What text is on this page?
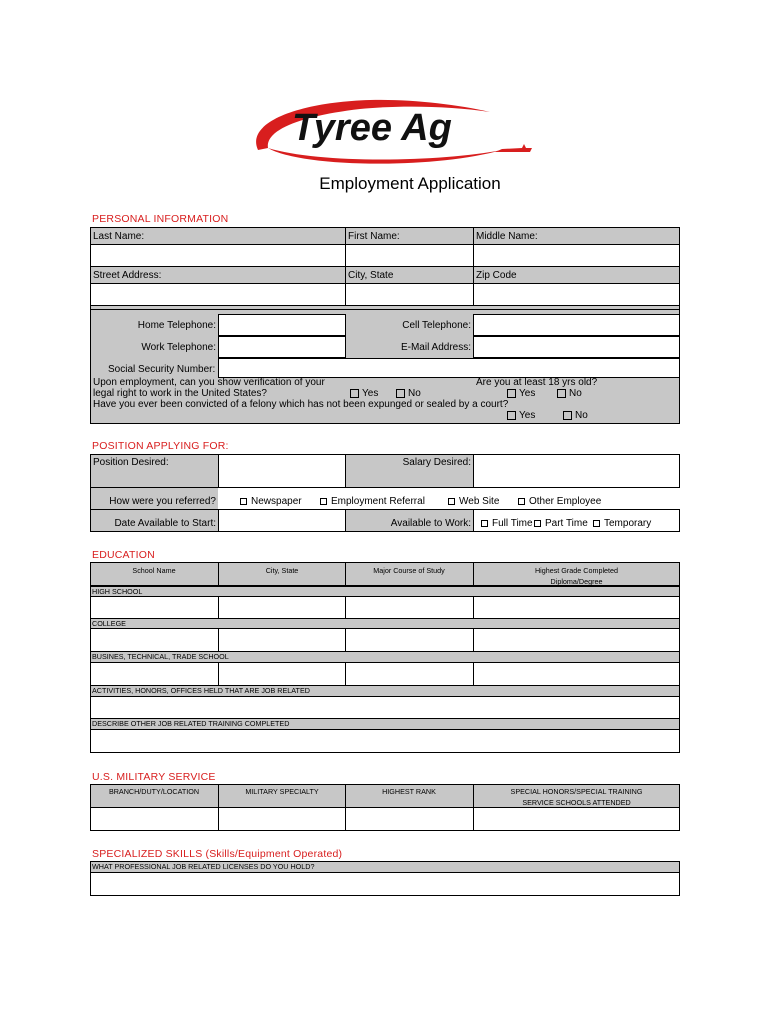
Tyree Ag
Employment Application
PERSONAL INFORMATION
Last Name:	First Name:	Middle Name:
Street Address:	City, State	Zip Code
Home Telephone:	Cell Telephone:
Work Telephone:	E-Mail Address:
Social Security Number:
Upon employment, can you show verification of your
legal right to work in the United States?	Yes	No
Are you at least 18 yrs old?
Yes	No
Have you ever been convicted of a felony which has not been expunged or sealed by a court?
Yes	No
POSITION APPLYING FOR:
Position Desired:	Salary Desired:
How were you referred?	Newspaper	Employment Referral	Web Site	Other Employee
Date Available to Start:	Available to Work:	Full Time	Part Time	Temporary
EDUCATION
School Name	City, State	Major Course of Study	Highest Grade Completed
Diploma/Degree
HIGH SCHOOL
COLLEGE
BUSINES, TECHNICAL, TRADE SCHOOL
ACTIVITIES, HONORS, OFFICES HELD THAT ARE JOB RELATED
DESCRIBE OTHER JOB RELATED TRAINING COMPLETED
U.S. MILITARY SERVICE
BRANCH/DUTY/LOCATION	MILITARY SPECIALTY	HIGHEST RANK	SPECIAL HONORS/SPECIAL TRAINING
SERVICE SCHOOLS ATTENDED
SPECIALIZED SKILLS (Skills/Equipment Operated)
WHAT PROFESSIONAL JOB RELATED LICENSES DO YOU HOLD?
